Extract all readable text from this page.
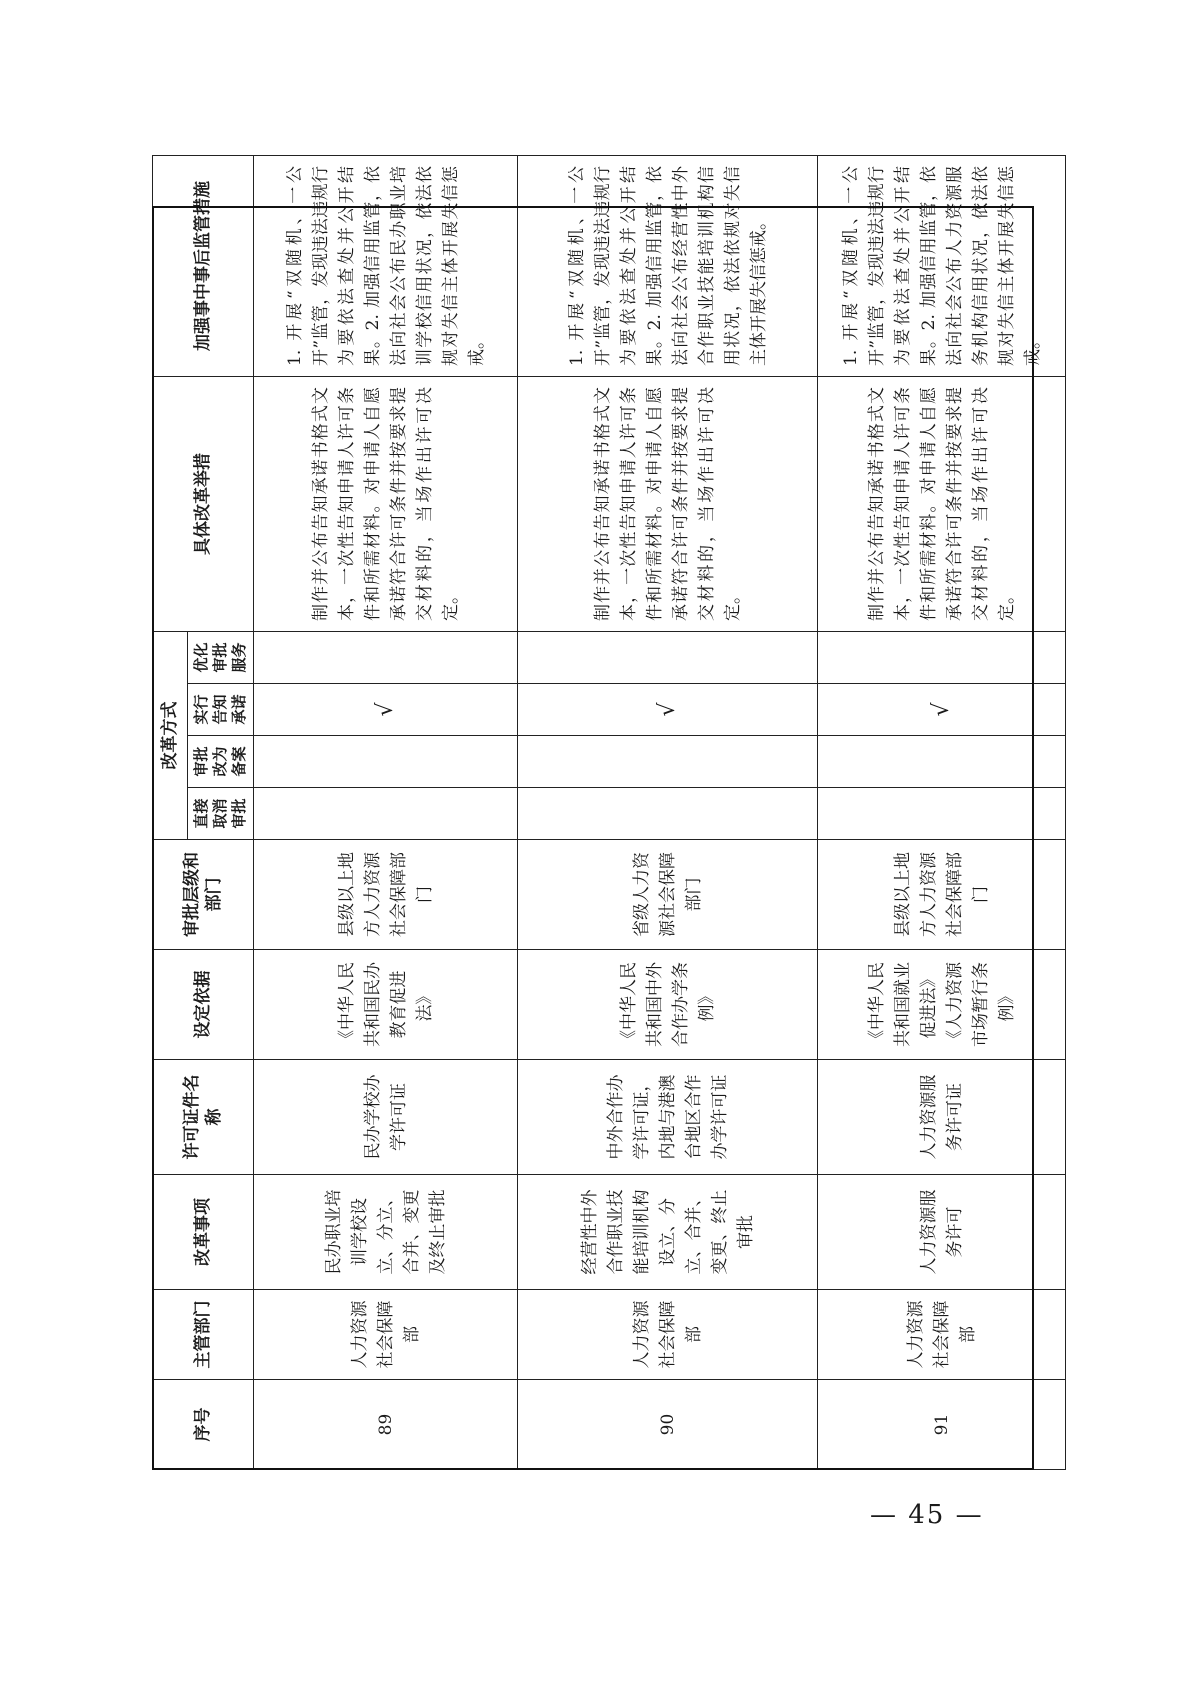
序号	主管部门	改革事项	许可证件名称	设定依据	审批层级和部门	改革方式				具体改革举措	加强事中事后监管措施
						直接取消审批	审批改为备案	实行告知承诺	优化审批服务		
89	人力资源社会保障部	民办职业培训学校设立、分立、合并、变更及终止审批	民办学校办学许可证	《中华人民共和国民办教育促进法》	县级以上地方人力资源社会保障部门			√		制作并公布告知承诺书格式文本，一次性告知申请人许可条件和所需材料。对申请人自愿承诺符合许可条件并按要求提交材料的，当场作出许可决定。	1. 开展“双随机、一公开”监管，发现违法违规行为要依法查处并公开结果。2. 加强信用监管，依法向社会公布民办职业培训学校信用状况，依法依规对失信主体开展失信惩戒。
90	人力资源社会保障部	经营性中外合作职业技能培训机构设立、分立、合并、变更、终止审批	中外合作办学许可证，内地与港澳台地区合作办学许可证	《中华人民共和国中外合作办学条例》	省级人力资源社会保障部门			√		制作并公布告知承诺书格式文本，一次性告知申请人许可条件和所需材料。对申请人自愿承诺符合许可条件并按要求提交材料的，当场作出许可决定。	1. 开展“双随机、一公开”监管，发现违法违规行为要依法查处并公开结果。2. 加强信用监管，依法向社会公布经营性中外合作职业技能培训机构信用状况，依法依规对失信主体开展失信惩戒。
91	人力资源社会保障部	人力资源服务许可	人力资源服务许可证	《中华人民共和国就业促进法》《人力资源市场暂行条例》	县级以上地方人力资源社会保障部门			√		制作并公布告知承诺书格式文本，一次性告知申请人许可条件和所需材料。对申请人自愿承诺符合许可条件并按要求提交材料的，当场作出许可决定。	1. 开展“双随机、一公开”监管，发现违法违规行为要依法查处并公开结果。2. 加强信用监管，依法向社会公布人力资源服务机构信用状况，依法依规对失信主体开展失信惩戒。
— 45 —
